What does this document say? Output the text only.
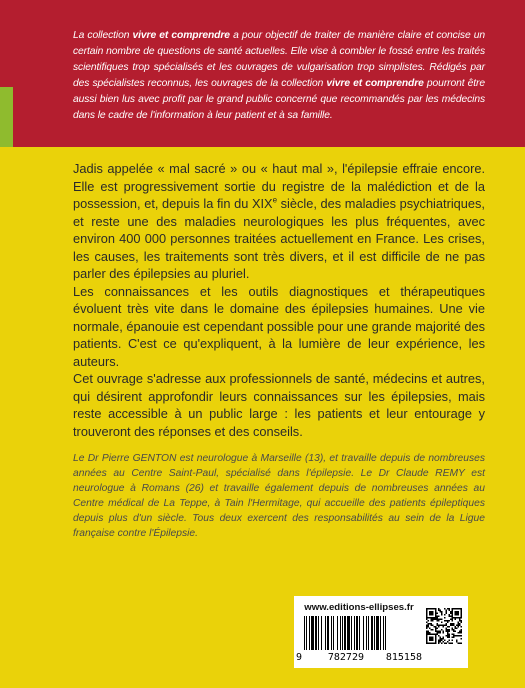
La collection vivre et comprendre a pour objectif de traiter de manière claire et concise un certain nombre de questions de santé actuelles. Elle vise à combler le fossé entre les traités scientifiques trop spécialisés et les ouvrages de vulgarisation trop simplistes. Rédigés par des spécialistes reconnus, les ouvrages de la collection vivre et comprendre pourront être aussi bien lus avec profit par le grand public concerné que recommandés par les médecins dans le cadre de l'information à leur patient et à sa famille.

Jadis appelée « mal sacré » ou « haut mal », l'épilepsie effraie encore. Elle est progressivement sortie du registre de la malédiction et de la possession, et, depuis la fin du XIXe siècle, des maladies psychiatriques, et reste une des maladies neurologiques les plus fréquentes, avec environ 400 000 personnes traitées actuellement en France. Les crises, les causes, les traitements sont très divers, et il est difficile de ne pas parler des épilepsies au pluriel.

Les connaissances et les outils diagnostiques et thérapeutiques évoluent très vite dans le domaine des épilepsies humaines. Une vie normale, épanouie est cependant possible pour une grande majorité des patients. C'est ce qu'expliquent, à la lumière de leur expérience, les auteurs.

Cet ouvrage s'adresse aux professionnels de santé, médecins et autres, qui désirent approfondir leurs connaissances sur les épilepsies, mais reste accessible à un public large : les patients et leur entourage y trouveront des réponses et des conseils.

Le Dr Pierre GENTON est neurologue à Marseille (13), et travaille depuis de nombreuses années au Centre Saint-Paul, spécialisé dans l'épilepsie. Le Dr Claude REMY est neurologue à Romans (26) et travaille également depuis de nombreuses années au Centre médical de La Teppe, à Tain l'Hermitage, qui accueille des patients épileptiques depuis plus d'un siècle. Tous deux exercent des responsabilités au sein de la Ligue française contre l'Épilepsie.

www.editions-ellipses.fr
9	782729 815158
